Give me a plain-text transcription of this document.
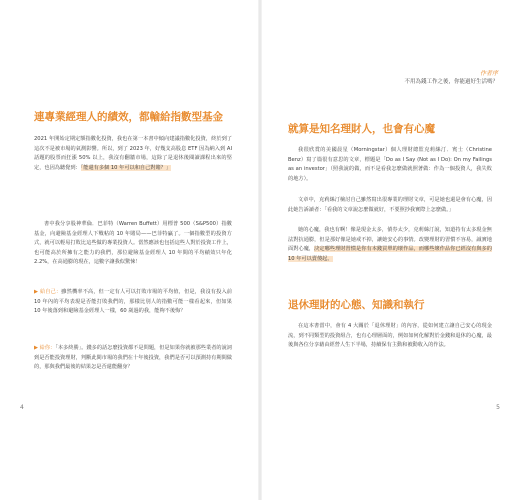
連專業經理人的績效，都輸給指數型基金

2021 年開始定期定額指數化投資，我也在第一本書中傾向建議指數化投資，終於到了這次不是被市場的氣測影響。所以，到了 2023 年，好幾支高股息 ETF 因為納入到 AI 話題的股票而狂漲 50% 以上，我沒有翻牆市場，這除了是退休後閱讀課程出來的堅定，也因為聽覺到：「能還有多個 10 年可以和自己對賭？」

書中我分享股神華倫．巴菲特（Warren Buffett）用標普 500（S&P500）指數基金，向避險基金經理人下戰帖的 10 年賭局——巴菲特贏了。一個指數型的投資方式，就可以輕易打敗比這些做的專業投資人。當然應該也包括這些人對於投資工作上，也可能高於所擁有之能力的我們，那位避險基金經理人 10 年間的平均績效只年化 2.2%，在高通膨的現在，這數字讓我似驚悚！

▶ 給自己：雖然機率不高，但一定有人可以打敗市場的平均值，但是，我沒有投入前 10 年內的平均表現是否能打敗我們的，那樣比別人的指數可能一樣看起來，但如果 10 年後落到和避險基金經理人一樣，60 歲過的我，能夠不後悔？

▶ 給你：「本多終勝」。錢多的話怎麼投資都不是問題，但是如果你就被那些業者的說詞到是否能投資理財，判斷此間市場的我們在十年後投資，我們是否可以預測持有期間做的，那與我們最後的結果怎是否還能翻身？

4
作者序
不用為錢工作之後，你能過好生活嗎？
就算是知名理財人，也會有心魔

我很欣賞的美國晨星（Morningstar）個人理財總監克莉絲汀．賓士（Christine Benz）寫了篇很有意思的文章，標題是「Do as I Say (Not as I Do): On my Failings as an investor」（照我說的做，而不是看我怎麼做就照著做：作為一個投資人，我失敗的地方）。

文章中，克莉絲汀檢討自己雖然寫出很專業的理財文章，可是她也還是會有心魔，因此她告訴讀者：「看我的文章說怎麼做就好，不要照抄我實際上怎麼做。」

她的心魔，我也有啊！像是現金太多，債券太少，克莉絲汀說，知道持有太多現金無法對抗通膨，但是那好像是她戒不掉，讓她安心的事情。改變理財的習慣不容易，誠實地面對心魔，決定哪些理財習慣是你有本錢買單的壞作品，而哪些壞作品你已經沒有與多的 10 年可以賣傻起。

退休理財的心態、知識和執行

在這本書當中，會有 4 大關於「退休理財」的內容，從如何建立讓自己安心的現金流，到不同類型的投資組合，也有心理層面的，例如如何化解對於金錢和退休的心魔，最後與各位分享藉由經營人生下半場，持續保有主動和被動收入的作法。

5
